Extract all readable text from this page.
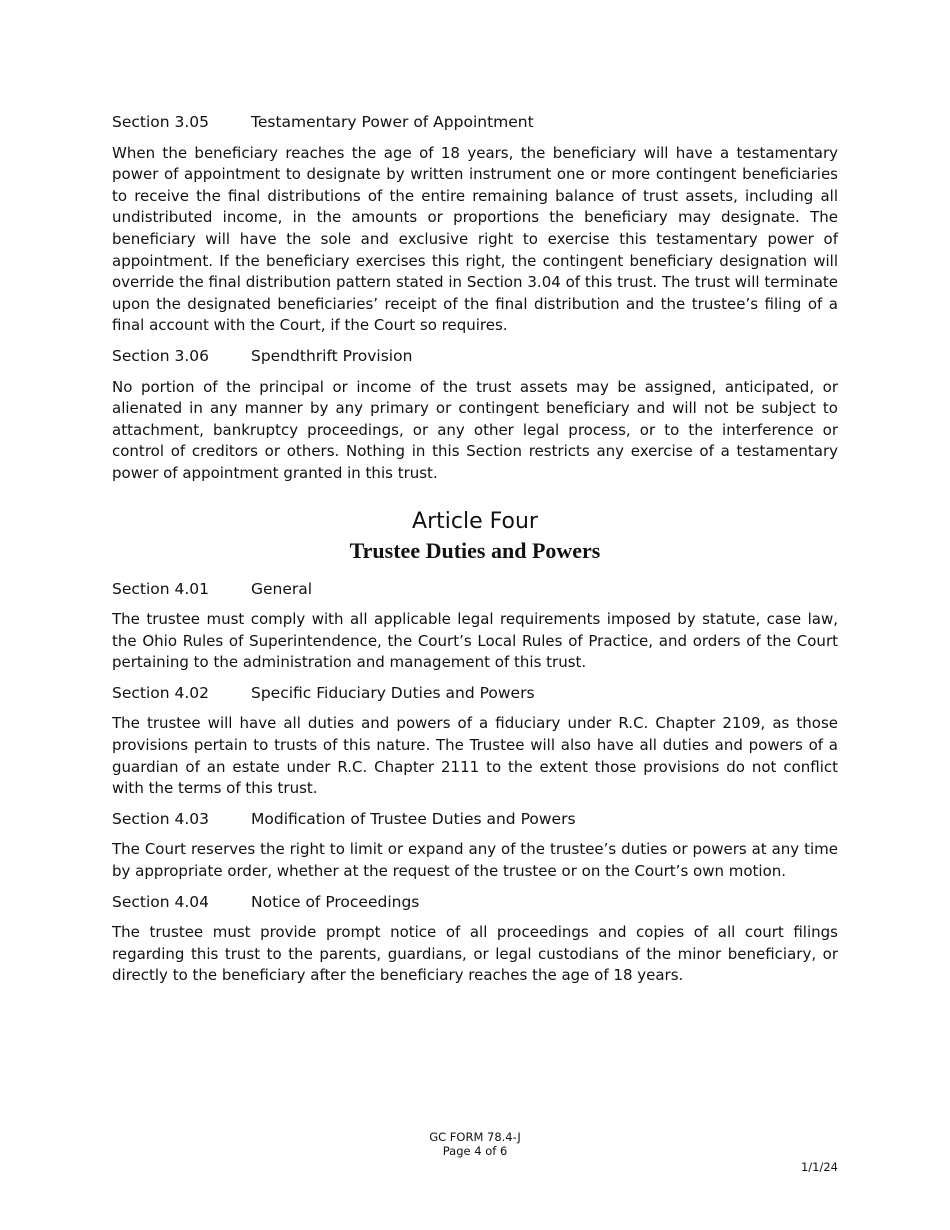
Section 3.05	Testamentary Power of Appointment

When the beneficiary reaches the age of 18 years, the beneficiary will have a testamentary power of appointment to designate by written instrument one or more contingent beneficiaries to receive the final distributions of the entire remaining balance of trust assets, including all undistributed income, in the amounts or proportions the beneficiary may designate. The beneficiary will have the sole and exclusive right to exercise this testamentary power of appointment. If the beneficiary exercises this right, the contingent beneficiary designation will override the final distribution pattern stated in Section 3.04 of this trust. The trust will terminate upon the designated beneficiaries’ receipt of the final distribution and the trustee’s filing of a final account with the Court, if the Court so requires.

Section 3.06	Spendthrift Provision

No portion of the principal or income of the trust assets may be assigned, anticipated, or alienated in any manner by any primary or contingent beneficiary and will not be subject to attachment, bankruptcy proceedings, or any other legal process, or to the interference or control of creditors or others. Nothing in this Section restricts any exercise of a testamentary power of appointment granted in this trust.

Article Four
Trustee Duties and Powers
Section 4.01	General

The trustee must comply with all applicable legal requirements imposed by statute, case law, the Ohio Rules of Superintendence, the Court’s Local Rules of Practice, and orders of the Court pertaining to the administration and management of this trust.

Section 4.02	Specific Fiduciary Duties and Powers

The trustee will have all duties and powers of a fiduciary under R.C. Chapter 2109, as those provisions pertain to trusts of this nature. The Trustee will also have all duties and powers of a guardian of an estate under R.C. Chapter 2111 to the extent those provisions do not conflict with the terms of this trust.

Section 4.03	Modification of Trustee Duties and Powers

The Court reserves the right to limit or expand any of the trustee’s duties or powers at any time by appropriate order, whether at the request of the trustee or on the Court’s own motion.

Section 4.04	Notice of Proceedings

The trustee must provide prompt notice of all proceedings and copies of all court filings regarding this trust to the parents, guardians, or legal custodians of the minor beneficiary, or directly to the beneficiary after the beneficiary reaches the age of 18 years.

GC FORM 78.4-J
Page 4 of 6
1/1/24
